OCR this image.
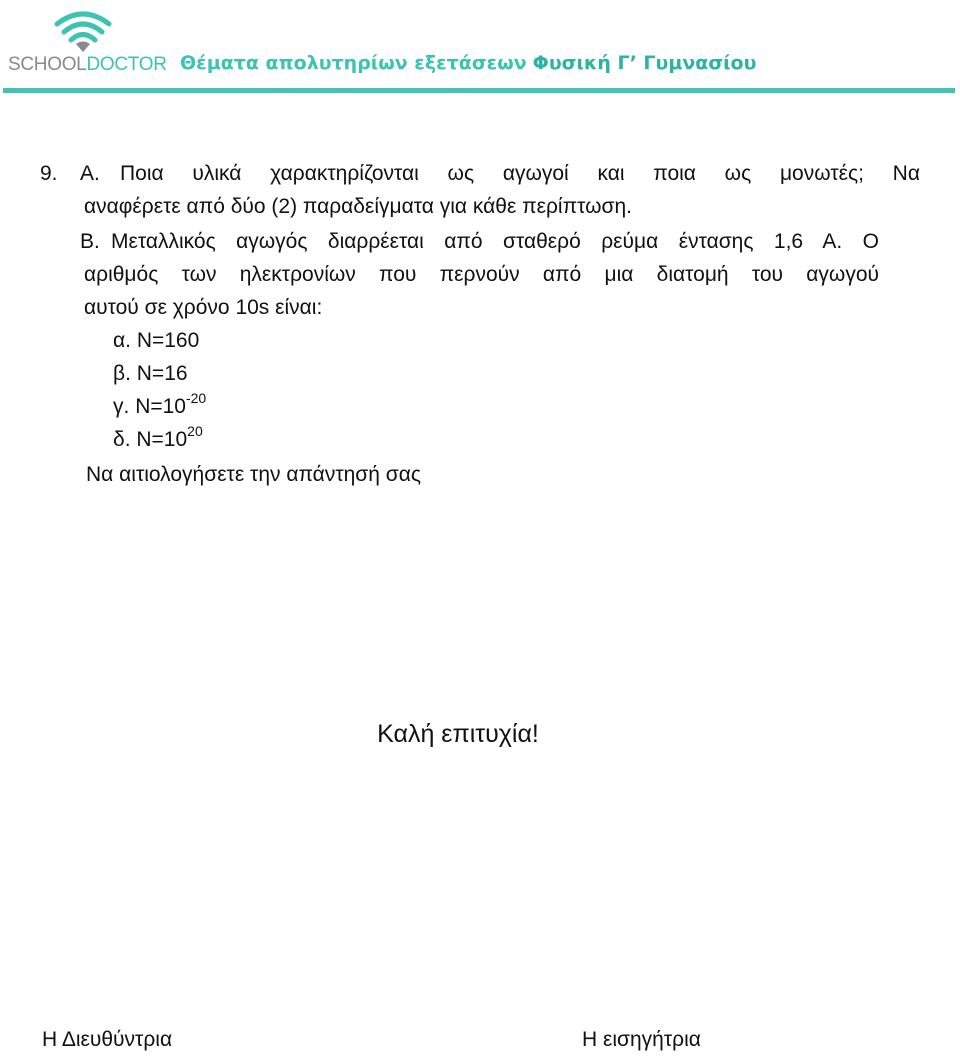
SCHOOLDOCTOR Θέματα απολυτηρίων εξετάσεων Φυσική Γ’ Γυμνασίου
9. Α. Ποια υλικά χαρακτηρίζονται ως αγωγοί και ποια ως μονωτές; Να
αναφέρετε από δύο (2) παραδείγματα για κάθε περίπτωση.
Β. Μεταλλικός αγωγός διαρρέεται από σταθερό ρεύμα έντασης 1,6 Α. Ο
αριθμός των ηλεκτρονίων που περνούν από μια διατομή του αγωγού
αυτού σε χρόνο 10s είναι:
α. Ν=160
β. Ν=16
γ. $N=10^{-20}$
δ. $N=10^{20}$
Να αιτιολογήσετε την απάντησή σας
Καλή επιτυχία!
Η Διευθύντρια	Η εισηγήτρια
